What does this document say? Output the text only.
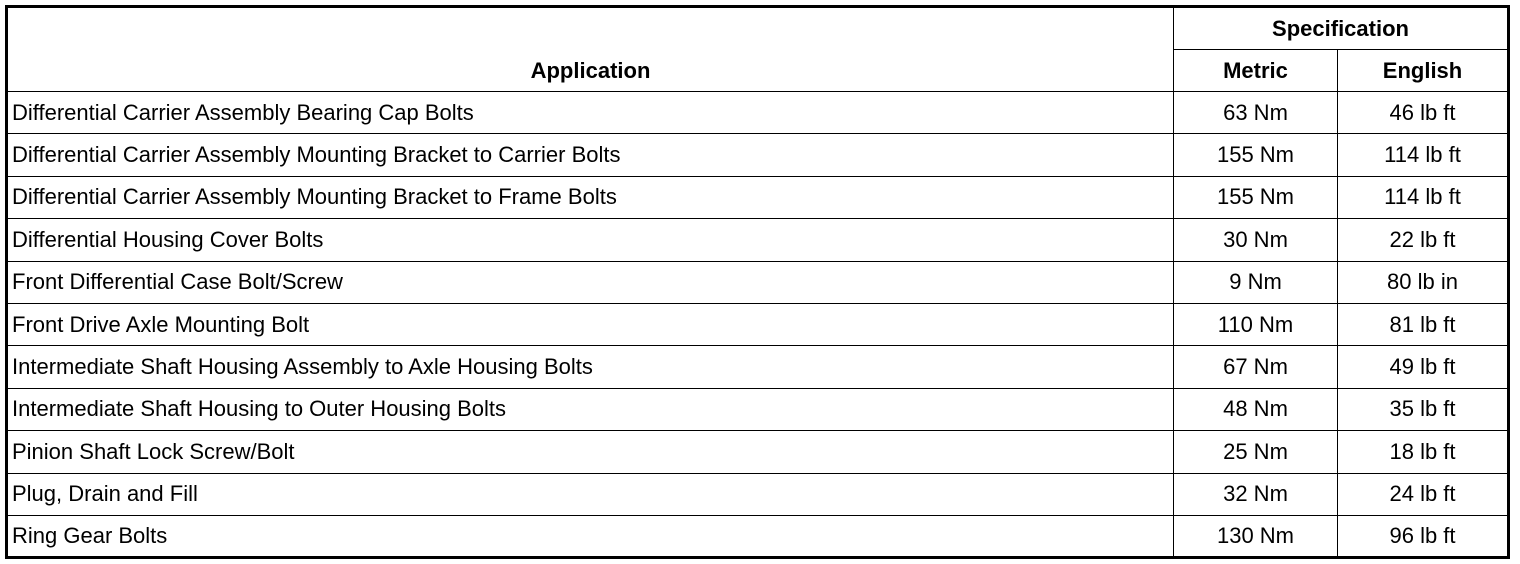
Application	Specification	
	Metric	English
Differential Carrier Assembly Bearing Cap Bolts	63 Nm	46 lb ft
Differential Carrier Assembly Mounting Bracket to Carrier Bolts	155 Nm	114 lb ft
Differential Carrier Assembly Mounting Bracket to Frame Bolts	155 Nm	114 lb ft
Differential Housing Cover Bolts	30 Nm	22 lb ft
Front Differential Case Bolt/Screw	9 Nm	80 lb in
Front Drive Axle Mounting Bolt	110 Nm	81 lb ft
Intermediate Shaft Housing Assembly to Axle Housing Bolts	67 Nm	49 lb ft
Intermediate Shaft Housing to Outer Housing Bolts	48 Nm	35 lb ft
Pinion Shaft Lock Screw/Bolt	25 Nm	18 lb ft
Plug, Drain and Fill	32 Nm	24 lb ft
Ring Gear Bolts	130 Nm	96 lb ft
